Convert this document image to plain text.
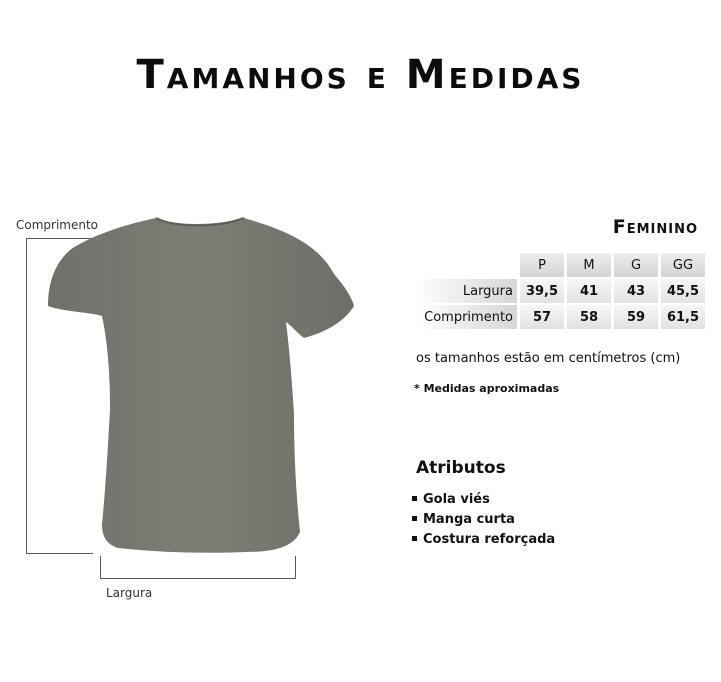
Tamanhos e Medidas
Comprimento
Largura
Feminino
	P	M	G	GG
Largura	39,5	41	43	45,5
Comprimento	57	58	59	61,5
os tamanhos estão em centímetros (cm)
* Medidas aproximadas
Atributos
Gola viés
Manga curta
Costura reforçada
